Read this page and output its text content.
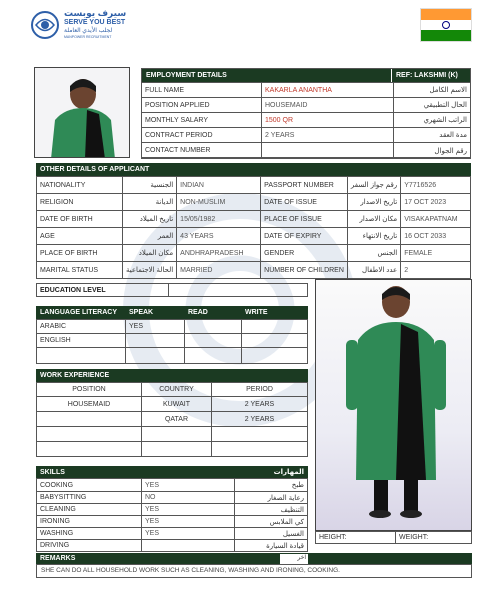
سيرف يوبست
SERVE YOU BEST
لجلب الأيدي العاملة
MANPOWER RECRUITMENT
EMPLOYMENT DETAILS	REF: LAKSHMI (K)
FULL NAME	KAKARLA ANANTHA	الاسم الكامل
POSITION APPLIED	HOUSEMAID	الحال التطبيقي
MONTHLY SALARY	1500 QR	الراتب الشهري
CONTRACT PERIOD	2 YEARS	مدة العقد
CONTACT NUMBER		رقم الجوال
OTHER DETAILS OF APPLICANT
NATIONALITY	الجنسية	INDIAN	PASSPORT NUMBER	رقم جواز السفر	Y7716526
RELIGION	الديانة	NON-MUSLIM	DATE OF ISSUE	تاريخ الاصدار	17 OCT 2023
DATE OF BIRTH	تاريخ الميلاد	15/05/1982	PLACE OF ISSUE	مكان الاصدار	VISAKAPATNAM
AGE	العمر	43 YEARS	DATE OF EXPIRY	تاريخ الانتهاء	16 OCT 2033
PLACE OF BIRTH	مكان الميلاد	ANDHRAPRADESH	GENDER	الجنس	FEMALE
MARITAL STATUS	الحالة الاجتماعية	MARRIED	NUMBER OF CHILDREN	عدد الاطفال	2
EDUCATION LEVEL	
LANGUAGE LITERACY	SPEAK	READ	WRITE
ARABIC	YES		
ENGLISH			

WORK EXPERIENCE
POSITION	COUNTRY	PERIOD
HOUSEMAID	KUWAIT	2 YEARS
	QATAR	2 YEARS

SKILLS	المهارات
COOKING	YES	طبخ
BABYSITTING	NO	رعاية الصغار
CLEANING	YES	التنظيف
IRONING	YES	كي الملابس
WASHING	YES	الغسيل
DRIVING		قيادة السيارة
HEIGHT:	WEIGHT:
REMARKS	آخر
SHE CAN DO ALL HOUSEHOLD WORK SUCH AS CLEANING, WASHING AND IRONING, COOKING.
